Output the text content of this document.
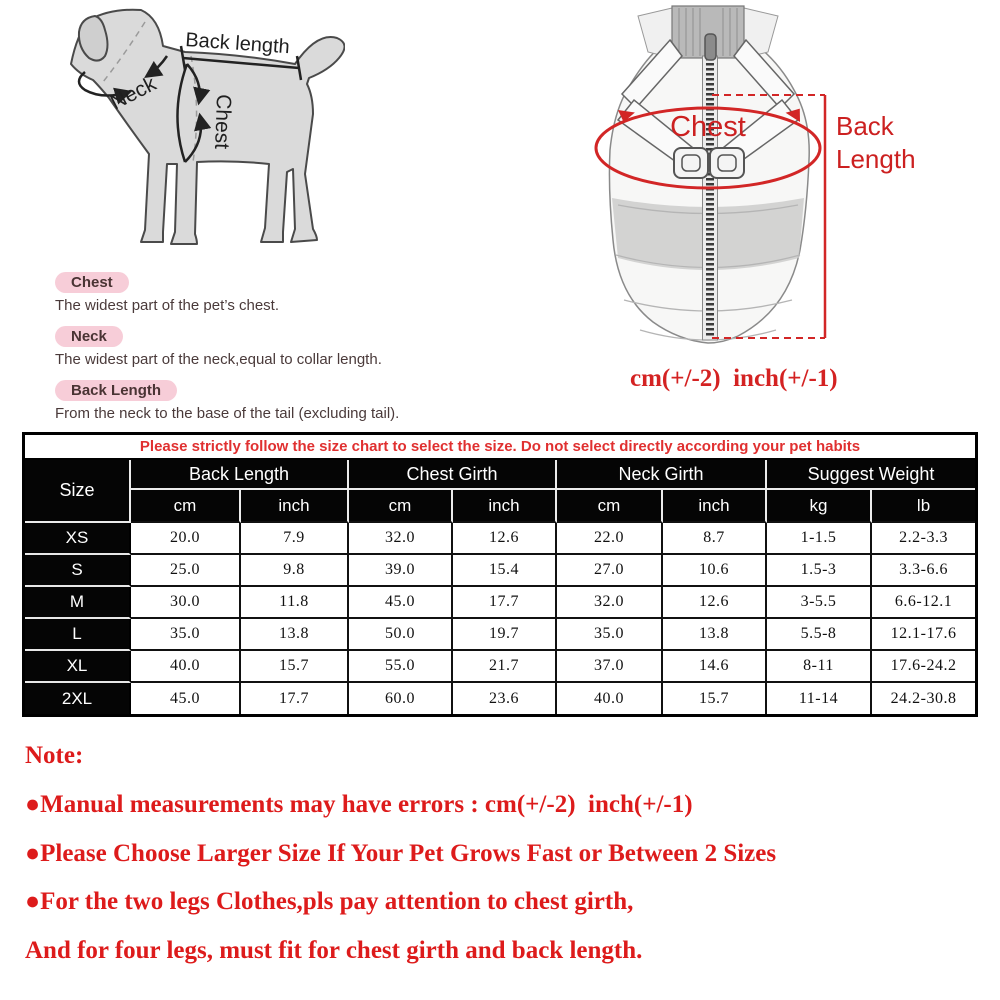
Back length
Neck
Chest	Chest	Back
Length
cm(+/-2)  inch(+/-1)
Chest
The widest part of the pet’s chest.
Neck
The widest part of the neck,equal to collar length.
Back Length
From the neck to the base of the tail (excluding tail).
Please strictly follow the size chart to select the size. Do not select directly according your pet habits								
Size	Back Length		Chest Girth		Neck Girth		Suggest Weight	
	cm	inch	cm	inch	cm	inch	kg	lb
XS	20.0	7.9	32.0	12.6	22.0	8.7	1-1.5	2.2-3.3
S	25.0	9.8	39.0	15.4	27.0	10.6	1.5-3	3.3-6.6
M	30.0	11.8	45.0	17.7	32.0	12.6	3-5.5	6.6-12.1
L	35.0	13.8	50.0	19.7	35.0	13.8	5.5-8	12.1-17.6
XL	40.0	15.7	55.0	21.7	37.0	14.6	8-11	17.6-24.2
2XL	45.0	17.7	60.0	23.6	40.0	15.7	11-14	24.2-30.8
Note:
●Manual measurements may have errors : cm(+/-2)  inch(+/-1)
●Please Choose Larger Size If Your Pet Grows Fast or Between 2 Sizes
●For the two legs Clothes,pls pay attention to chest girth,
And for four legs, must fit for chest girth and back length.
